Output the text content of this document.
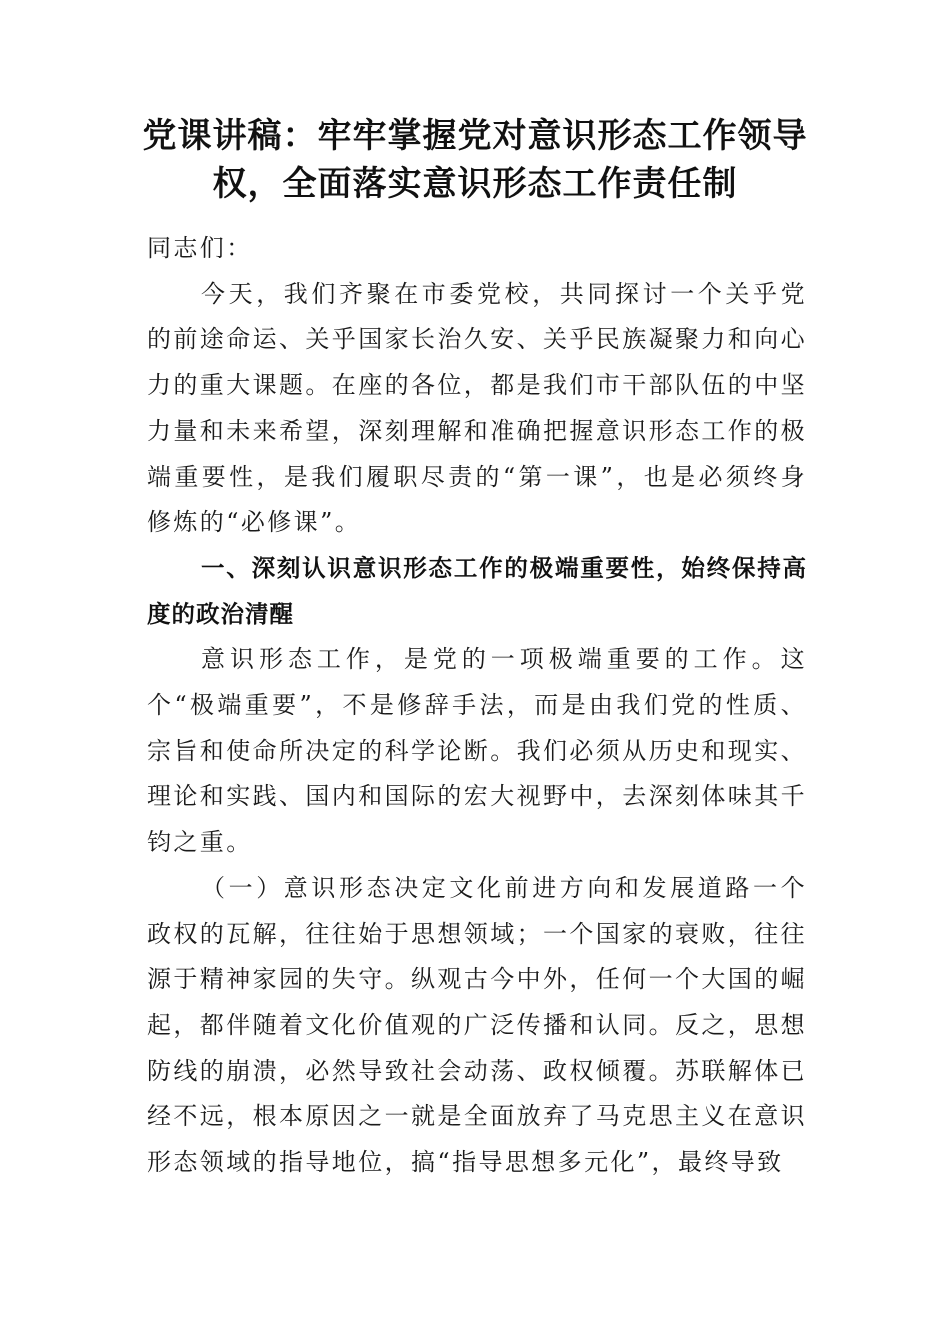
党课讲稿：牢牢掌握党对意识形态工作领导权，全面落实意识形态工作责任制

同志们：

今天，我们齐聚在市委党校，共同探讨一个关乎党的前途命运、关乎国家长治久安、关乎民族凝聚力和向心力的重大课题。在座的各位，都是我们市干部队伍的中坚力量和未来希望，深刻理解和准确把握意识形态工作的极端重要性，是我们履职尽责的“第一课”，也是必须终身修炼的“必修课”。

一、深刻认识意识形态工作的极端重要性，始终保持高度的政治清醒

意识形态工作，是党的一项极端重要的工作。这个“极端重要”，不是修辞手法，而是由我们党的性质、宗旨和使命所决定的科学论断。我们必须从历史和现实、理论和实践、国内和国际的宏大视野中，去深刻体味其千钧之重。

（一）意识形态决定文化前进方向和发展道路一个政权的瓦解，往往始于思想领域；一个国家的衰败，往往源于精神家园的失守。纵观古今中外，任何一个大国的崛起，都伴随着文化价值观的广泛传播和认同。反之，思想防线的崩溃，必然导致社会动荡、政权倾覆。苏联解体已经不远，根本原因之一就是全面放弃了马克思主义在意识形态领域的指导地位，搞“指导思想多元化”，最终导致
